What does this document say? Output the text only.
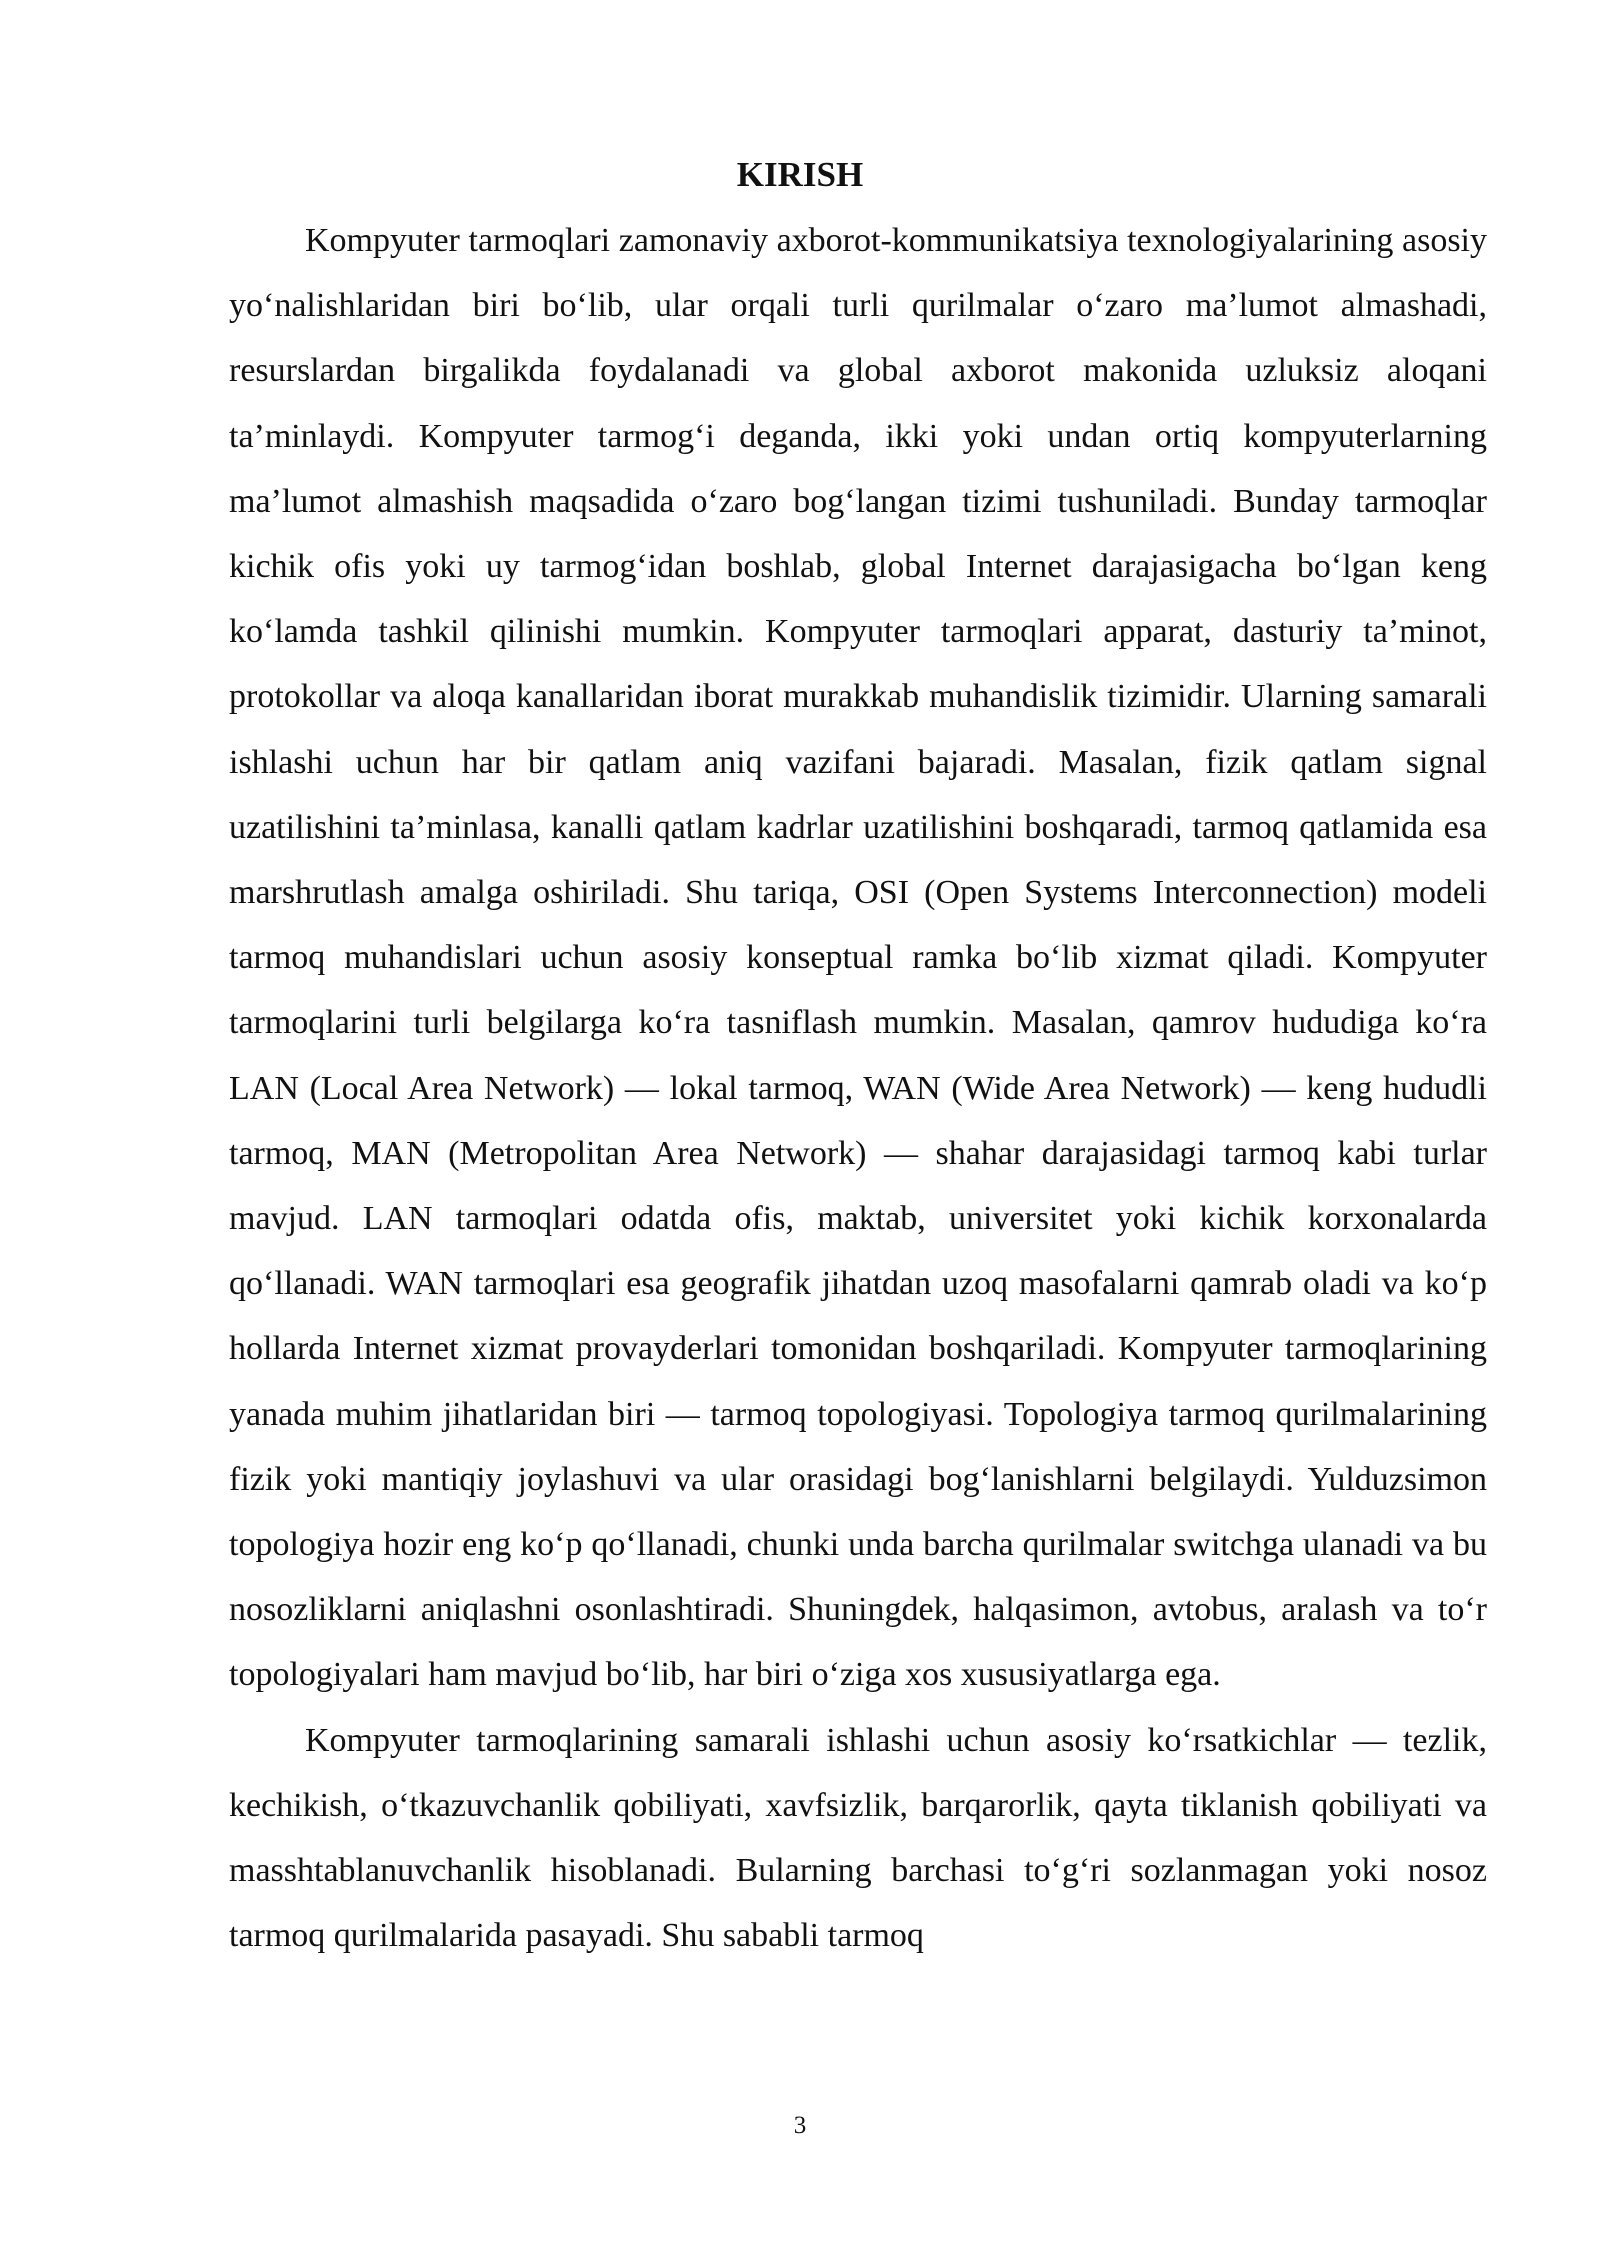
KIRISH

Kompyuter tarmoqlari zamonaviy axborot-kommunikatsiya texnologiyalarining asosiy yo‘nalishlaridan biri bo‘lib, ular orqali turli qurilmalar o‘zaro ma’lumot almashadi, resurslardan birgalikda foydalanadi va global axborot makonida uzluksiz aloqani ta’minlaydi. Kompyuter tarmog‘i deganda, ikki yoki undan ortiq kompyuterlarning ma’lumot almashish maqsadida o‘zaro bog‘langan tizimi tushuniladi. Bunday tarmoqlar kichik ofis yoki uy tarmog‘idan boshlab, global Internet darajasigacha bo‘lgan keng ko‘lamda tashkil qilinishi mumkin. Kompyuter tarmoqlari apparat, dasturiy ta’minot, protokollar va aloqa kanallaridan iborat murakkab muhandislik tizimidir. Ularning samarali ishlashi uchun har bir qatlam aniq vazifani bajaradi. Masalan, fizik qatlam signal uzatilishini ta’minlasa, kanalli qatlam kadrlar uzatilishini boshqaradi, tarmoq qatlamida esa marshrutlash amalga oshiriladi. Shu tariqa, OSI (Open Systems Interconnection) modeli tarmoq muhandislari uchun asosiy konseptual ramka bo‘lib xizmat qiladi. Kompyuter tarmoqlarini turli belgilarga ko‘ra tasniflash mumkin. Masalan, qamrov hududiga ko‘ra LAN (Local Area Network) — lokal tarmoq, WAN (Wide Area Network) — keng hududli tarmoq, MAN (Metropolitan Area Network) — shahar darajasidagi tarmoq kabi turlar mavjud. LAN tarmoqlari odatda ofis, maktab, universitet yoki kichik korxonalarda qo‘llanadi. WAN tarmoqlari esa geografik jihatdan uzoq masofalarni qamrab oladi va ko‘p hollarda Internet xizmat provayderlari tomonidan boshqariladi. Kompyuter tarmoqlarining yanada muhim jihatlaridan biri — tarmoq topologiyasi. Topologiya tarmoq qurilmalarining fizik yoki mantiqiy joylashuvi va ular orasidagi bog‘lanishlarni belgilaydi. Yulduzsimon topologiya hozir eng ko‘p qo‘llanadi, chunki unda barcha qurilmalar switchga ulanadi va bu nosozliklarni aniqlashni osonlashtiradi. Shuningdek, halqasimon, avtobus, aralash va to‘r topologiyalari ham mavjud bo‘lib, har biri o‘ziga xos xususiyatlarga ega.

Kompyuter tarmoqlarining samarali ishlashi uchun asosiy ko‘rsatkichlar — tezlik, kechikish, o‘tkazuvchanlik qobiliyati, xavfsizlik, barqarorlik, qayta tiklanish qobiliyati va masshtablanuvchanlik hisoblanadi. Bularning barchasi to‘g‘ri sozlanmagan yoki nosoz tarmoq qurilmalarida pasayadi. Shu sababli tarmoq

3
